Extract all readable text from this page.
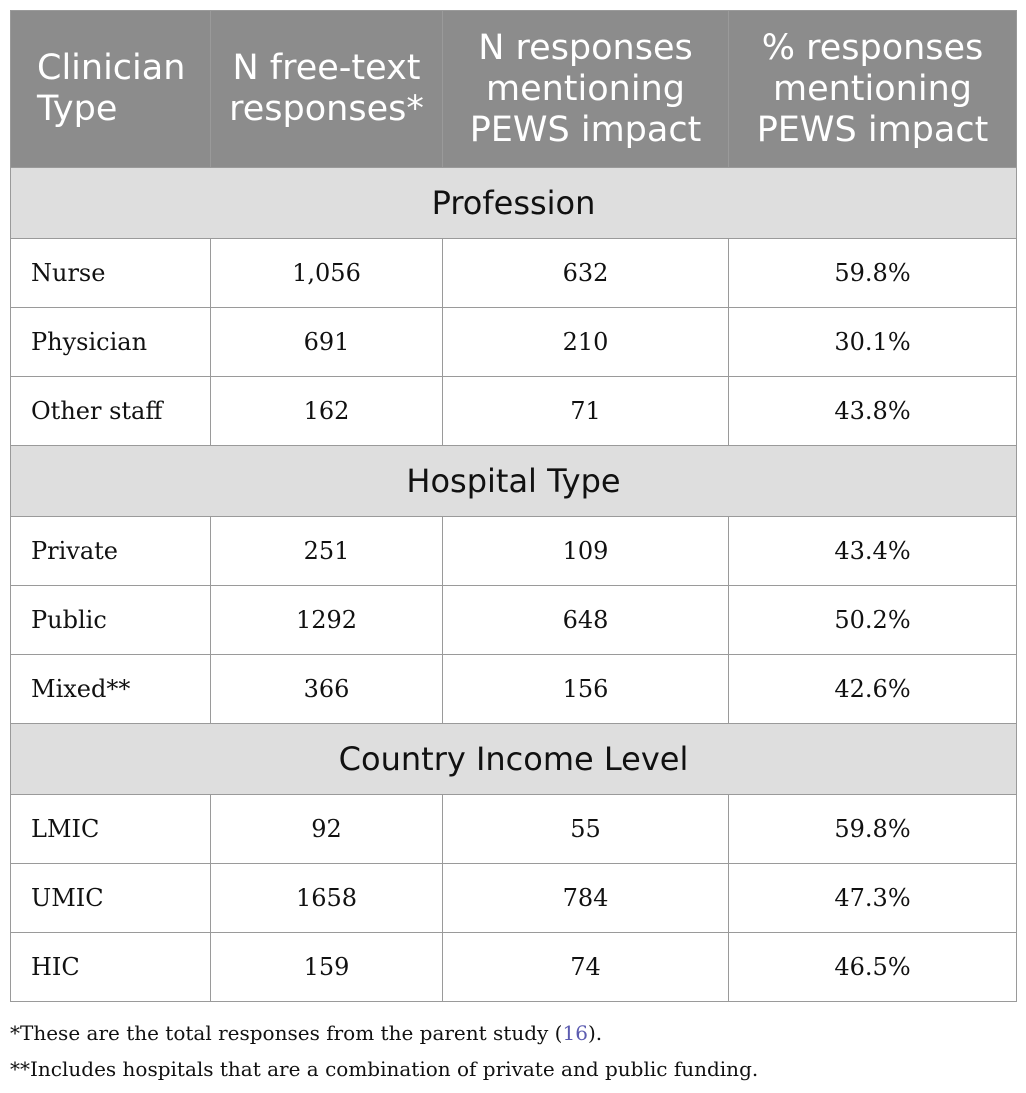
Clinician Type	N free-text responses*	N responses mentioning PEWS impact	% responses mentioning PEWS impact
Profession			
Nurse	1,056	632	59.8%
Physician	691	210	30.1%
Other staff	162	71	43.8%
Hospital Type			
Private	251	109	43.4%
Public	1292	648	50.2%
Mixed**	366	156	42.6%
Country Income Level			
LMIC	92	55	59.8%
UMIC	1658	784	47.3%
HIC	159	74	46.5%
*These are the total responses from the parent study (16).
**Includes hospitals that are a combination of private and public funding.
